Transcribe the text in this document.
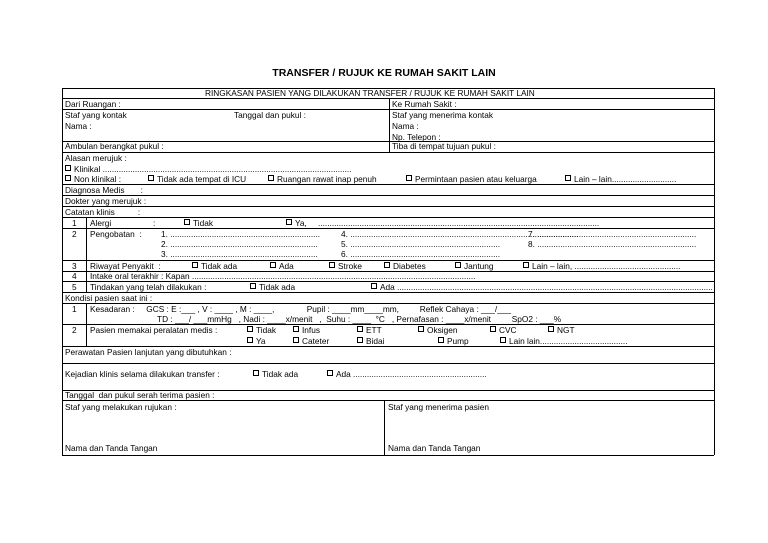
TRANSFER / RUJUK KE RUMAH SAKIT LAIN
RINGKASAN PASIEN YANG DILAKUKAN TRANSFER / RUJUK KE RUMAH SAKIT LAIN
Dari Ruangan :	Ke Rumah Sakit :
Staf yang kontak	Tanggal dan pukul :
Nama :
Staf yang menerima kontak
Nama :
Np. Telepon :
Ambulan berangkat pukul :	Tiba di tempat tujuan pukul :
Alasan merujuk :
Klinikal ............................................................................................................
Non klinikal :	Tidak ada tempat di ICU	Ruangan rawat inap penuh	Permintaan pasien atau keluarga	Lain – lain............................
Diagnosa Medis       :
Dokter yang merujuk :
Catatan klinis          :
1 Alergi	:	Tidak	Ya, ..........................................................................................................................
2 Pengobatan  : 1. .................................................................
2. ................................................................
3. ................................................................
4. ...................................................................................................
5. .................................................................
6. .................................................................
7. .....................................................................
8. .....................................................................
3 Riwayat Penyakit  :	Tidak ada	Ada	Stroke	Diabetes	Jantung	Lain – lain, ..............................................
4 Intake oral terakhir : Kapan ...........................................................................................................................
5 Tindakan yang telah dilakukan :	Tidak ada	Ada .........................................................................................................................................
Kondisi pasien saat ini :
1 Kesadaran :     GCS : E :___ , V : ____ , M : ____,              Pupil : ____mm____mm,         Reflek Cahaya : ___/___
TD : ___/ ___mmHg   , Nadi : ____x/menit   ,  Suhu : ____  °C   , Pernafasan : ____x/menit         SpO2 : ___%
2 Pasien memakai peralatan medis :	Tidak	Infus	ETT	Oksigen	CVC	NGT
Ya	Cateter	Bidai	Pump	Lain lain......................................
Perawatan Pasien lanjutan yang dibutuhkan :
Kejadian klinis selama dilakukan transfer :	Tidak ada	Ada ..........................................................
Tanggal  dan pukul serah terima pasien :
Staf yang melakukan rujukan :	Staf yang menerima pasien
Nama dan Tanda Tangan	Nama dan Tanda Tangan
